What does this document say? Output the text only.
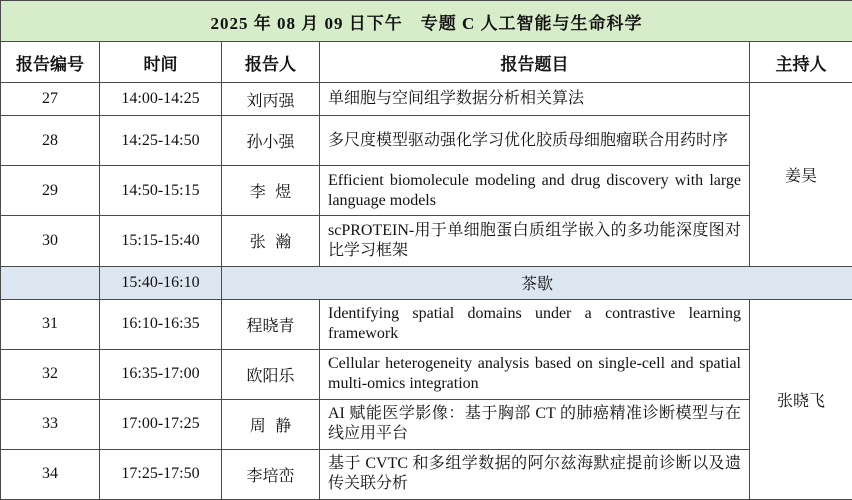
2025 年 08 月 09 日下午　专题 C 人工智能与生命科学				
报告编号	时间	报告人	报告题目	主持人
27	14:00-14:25	刘丙强	单细胞与空间组学数据分析相关算法	姜昊
28	14:25-14:50	孙小强	多尺度模型驱动强化学习优化胶质母细胞瘤联合用药时序	
29	14:50-15:15	李煜	Efficient biomolecule modeling and drug discovery with large language models	
30	15:15-15:40	张瀚	scPROTEIN-用于单细胞蛋白质组学嵌入的多功能深度图对比学习框架	
	15:40-16:10	茶歇		
31	16:10-16:35	程晓青	Identifying spatial domains under a contrastive learning framework	张晓飞
32	16:35-17:00	欧阳乐	Cellular heterogeneity analysis based on single-cell and spatial multi-omics integration	
33	17:00-17:25	周静	AI 赋能医学影像：基于胸部 CT 的肺癌精准诊断模型与在线应用平台	
34	17:25-17:50	李培峦	基于 CVTC 和多组学数据的阿尔兹海默症提前诊断以及遗传关联分析	
